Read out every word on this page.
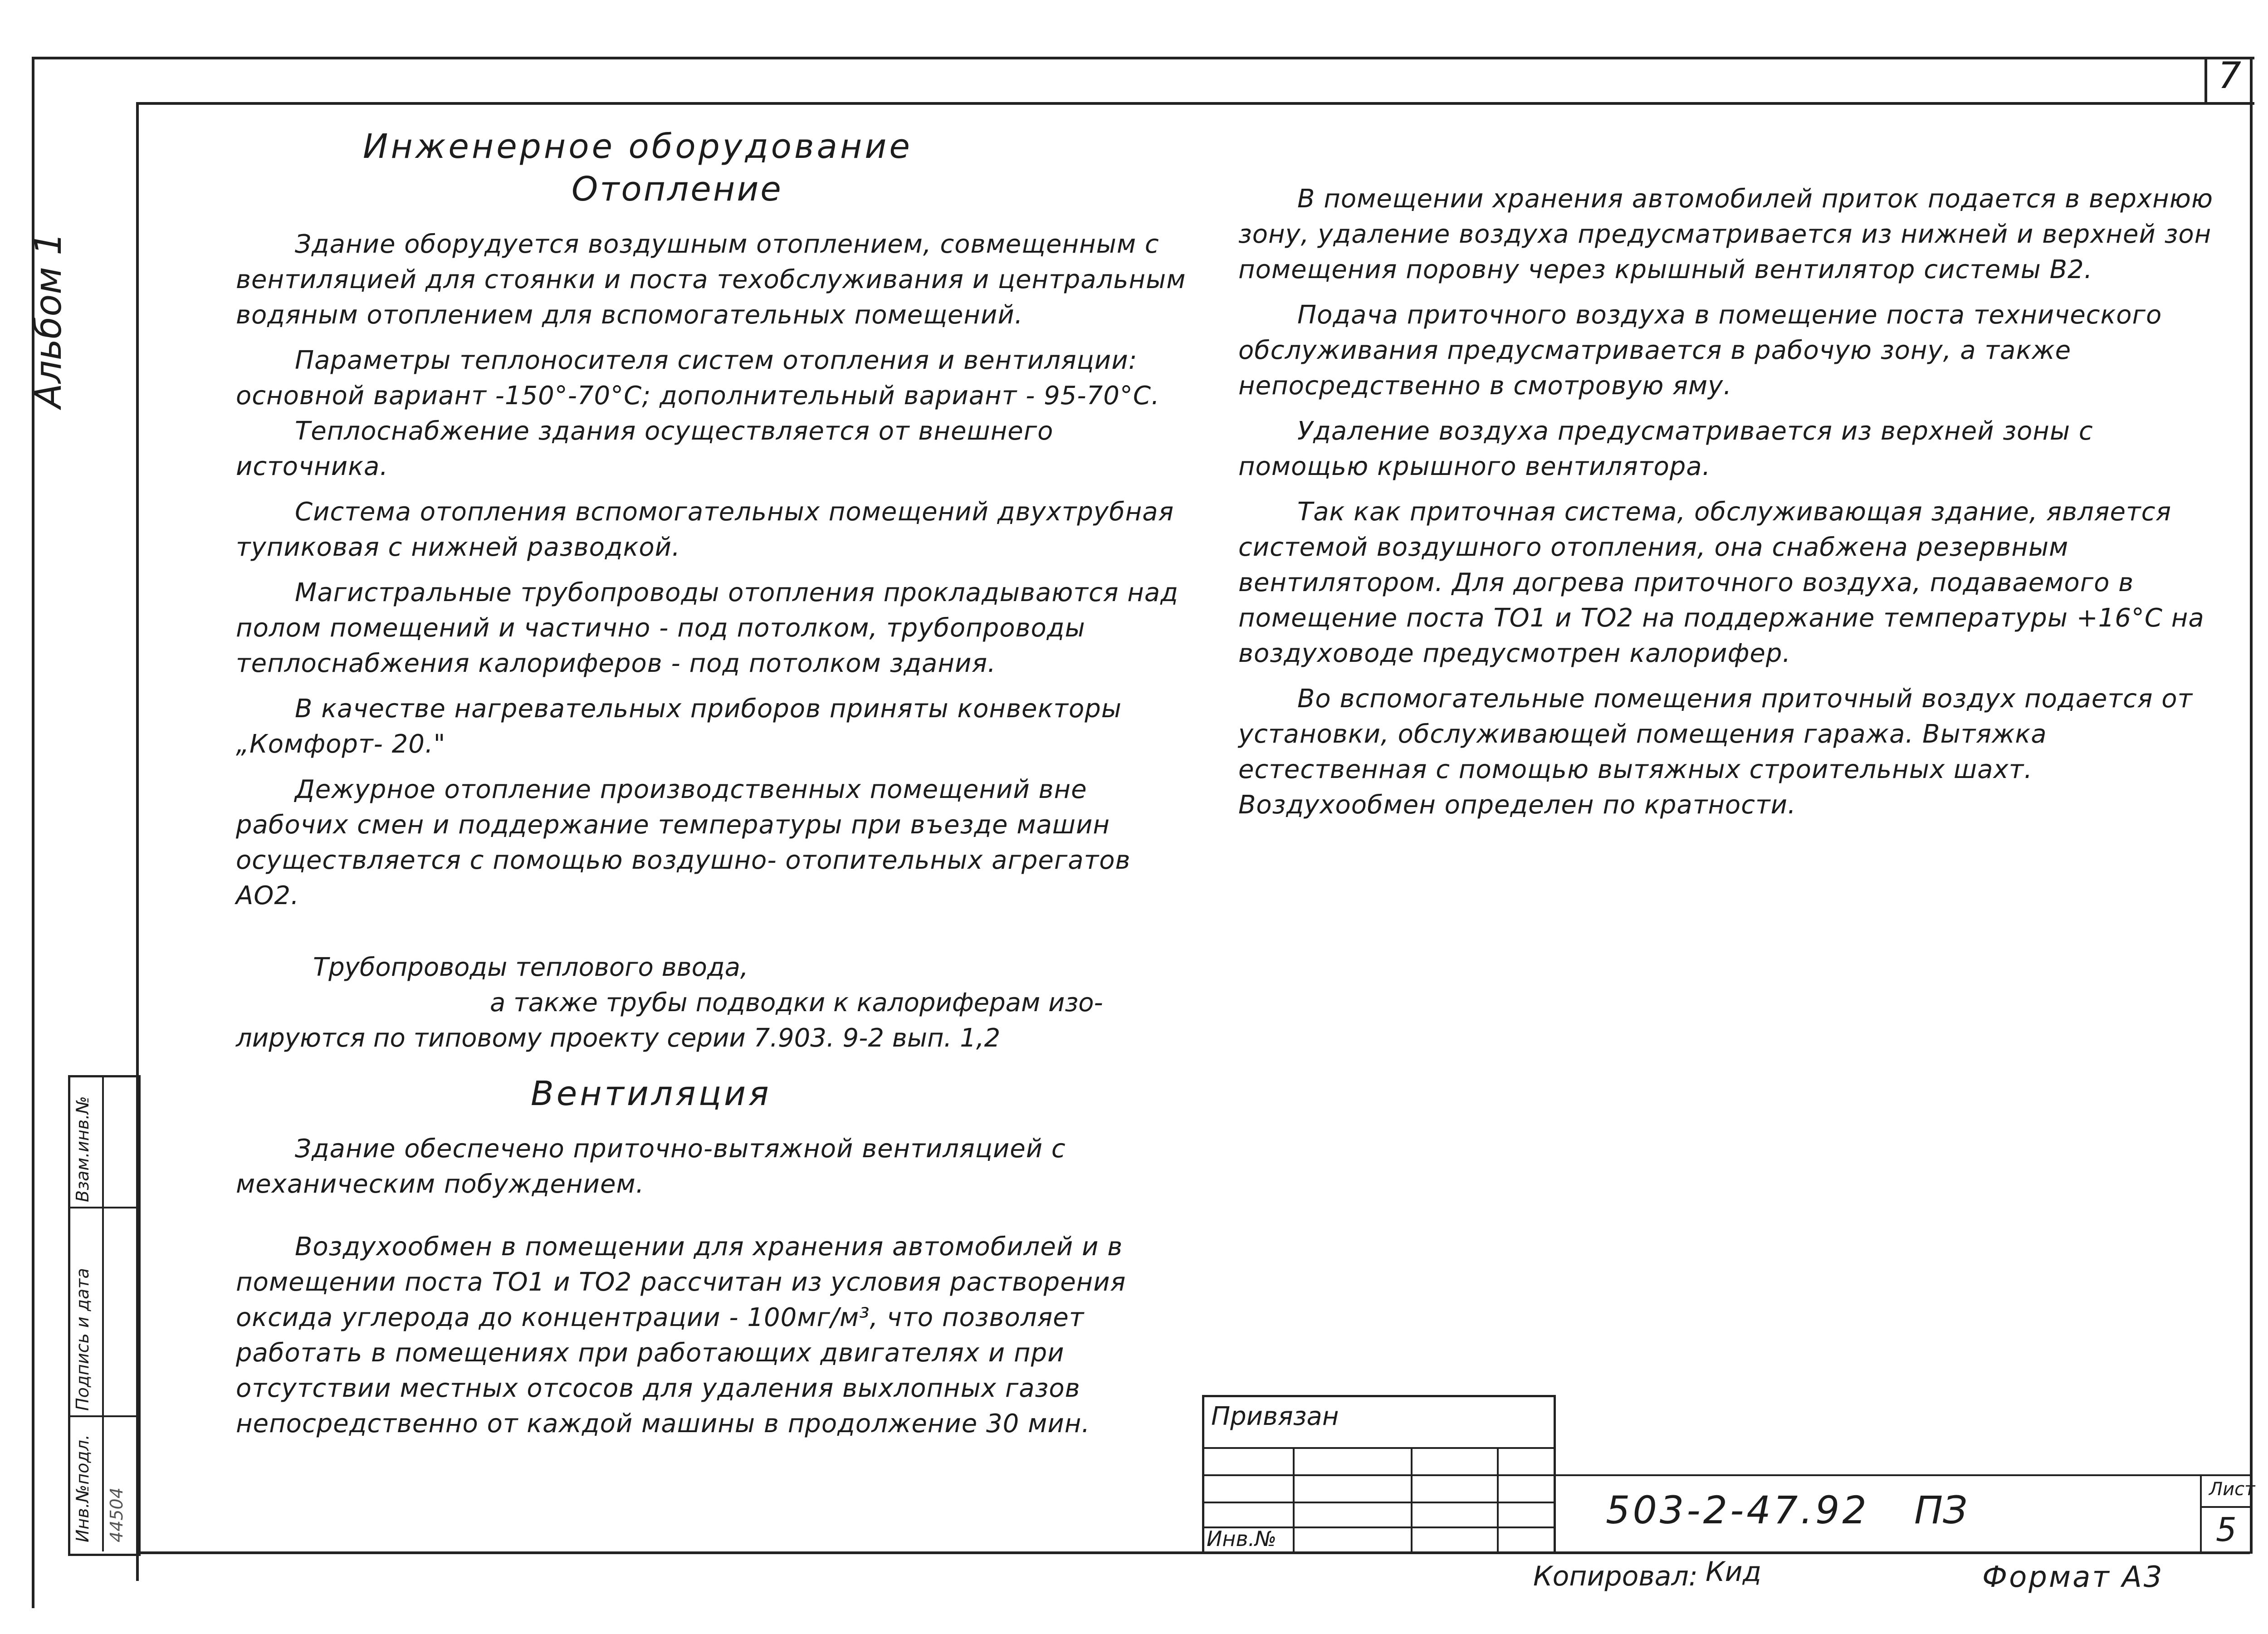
7
Альбом 1
Взам.инв.№
Подпись и дата
Инв.№подл. 44504
Инженерное оборудование
Отопление
Здание оборудуется воздушным отоплением, совмещенным с вентиляцией для стоянки и поста техобслуживания и центральным водяным отоплением для вспомогательных помещений.
Параметры теплоносителя систем отопления и вентиляции: основной вариант -150°-70°С; дополнительный вариант - 95-70°С.
Теплоснабжение здания осуществляется от внешнего источника.
Система отопления вспомогательных помещений двухтрубная тупиковая с нижней разводкой.
Магистральные трубопроводы отопления прокладываются над полом помещений и частично - под потолком, трубопроводы теплоснабжения калориферов - под потолком здания.
В качестве нагревательных приборов приняты конвекторы „Комфорт- 20."
Дежурное отопление производственных помещений вне рабочих смен и поддержание температуры при въезде машин осуществляется с помощью воздушно- отопительных агрегатов АО2.
Трубопроводы теплового ввода,
а также трубы подводки к калориферам изо-
лируются по типовому проекту серии 7.903. 9-2 вып. 1,2
Вентиляция
Здание обеспечено приточно-вытяжной вентиляцией с механическим побуждением.
Воздухообмен в помещении для хранения автомобилей и в помещении поста ТО1 и ТО2 рассчитан из условия растворения оксида углерода до концентрации - 100мг/м³, что позволяет работать в помещениях при работающих двигателях и при отсутствии местных отсосов для удаления выхлопных газов непосредственно от каждой машины в продолжение 30 мин.
В помещении хранения автомобилей приток подается в верхнюю зону, удаление воздуха предусматривается из нижней и верхней зон помещения поровну через крышный вентилятор системы В2.
Подача приточного воздуха в помещение поста технического обслуживания предусматривается в рабочую зону, а также непосредственно в смотровую яму.
Удаление воздуха предусматривается из верхней зоны с помощью крышного вентилятора.
Так как приточная система, обслуживающая здание, является системой воздушного отопления, она снабжена резервным вентилятором. Для догрева приточного воздуха, подаваемого в помещение поста ТО1 и ТО2 на поддержание температуры +16°С на воздуховоде предусмотрен калорифер.
Во вспомогательные помещения приточный воздух подается от установки, обслуживающей помещения гаража. Вытяжка естественная с помощью вытяжных строительных шахт. Воздухообмен определен по кратности.
Привязан
Инв.№
503-2-47.92 ПЗ	Лист
5
Копировал: Кид	Формат А3
